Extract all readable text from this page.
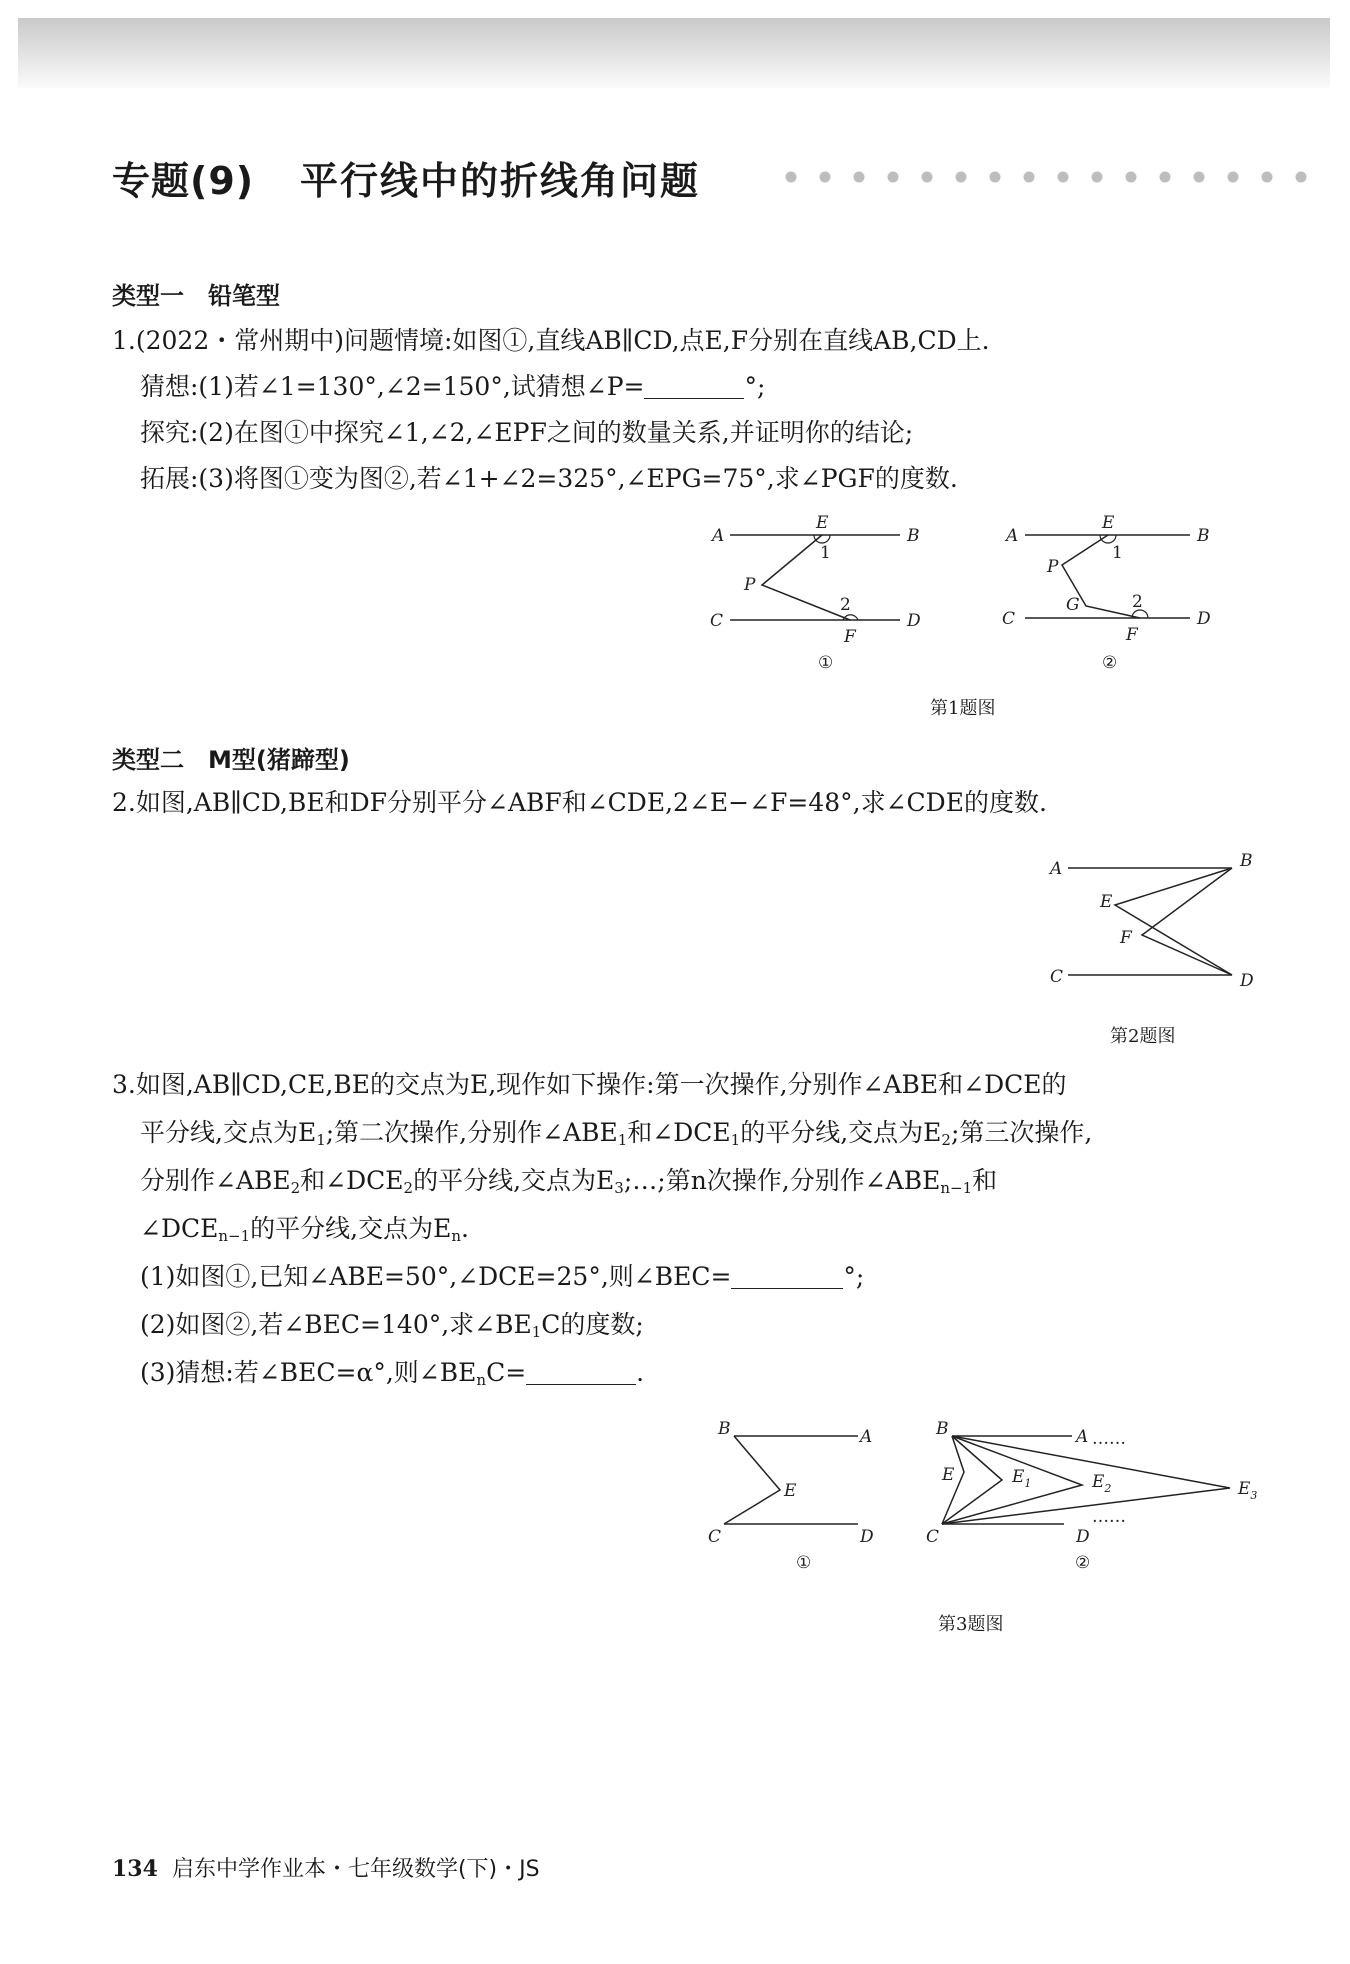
专题(9) 平行线中的折线角问题
类型一　铅笔型
1.(2022・常州期中)问题情境:如图①,直线AB∥CD,点E,F分别在直线AB,CD上.
猜想:(1)若∠1=130°,∠2=150°,试猜想∠P=	°;
探究:(2)在图①中探究∠1,∠2,∠EPF之间的数量关系,并证明你的结论;
拓展:(3)将图①变为图②,若∠1+∠2=325°,∠EPG=75°,求∠PGF的度数.
A	B
E
1
P
2
C	D
F
①
A	B
E
1
P
G	2
C	D
F
②
第1题图
类型二　M型(猪蹄型)
2.如图,AB∥CD,BE和DF分别平分∠ABF和∠CDE,2∠E−∠F=48°,求∠CDE的度数.
A	B
E
F
C	D
第2题图
3.如图,AB∥CD,CE,BE的交点为E,现作如下操作:第一次操作,分别作∠ABE和∠DCE的
平分线,交点为$E_1$;第二次操作,分别作$\angle ABE_1$和$\angle DCE_1$的平分线,交点为$E_2$;第三次操作,
分别作$\angle ABE_2$和$\angle DCE_2$的平分线,交点为$E_3;\dots$;第n次操作,分别作$\angle ABE_{n-1}$和
$\angle DCE_{n-1}$的平分线,交点为$E_n$.
(1)如图①,已知∠ABE=50°,∠DCE=25°,则∠BEC=	°;
(2)如图②,若∠BEC=140°,求$\angle BE_1C$的度数;
(3)猜想:若∠BEC=α°,则$\angle BE_nC=$	.
B	A
E
C	D
①
B	A ……
E	$E_1$	$E_2$	$E_3$
……
C	D
②
第3题图
134 启东中学作业本・七年级数学(下)・JS
